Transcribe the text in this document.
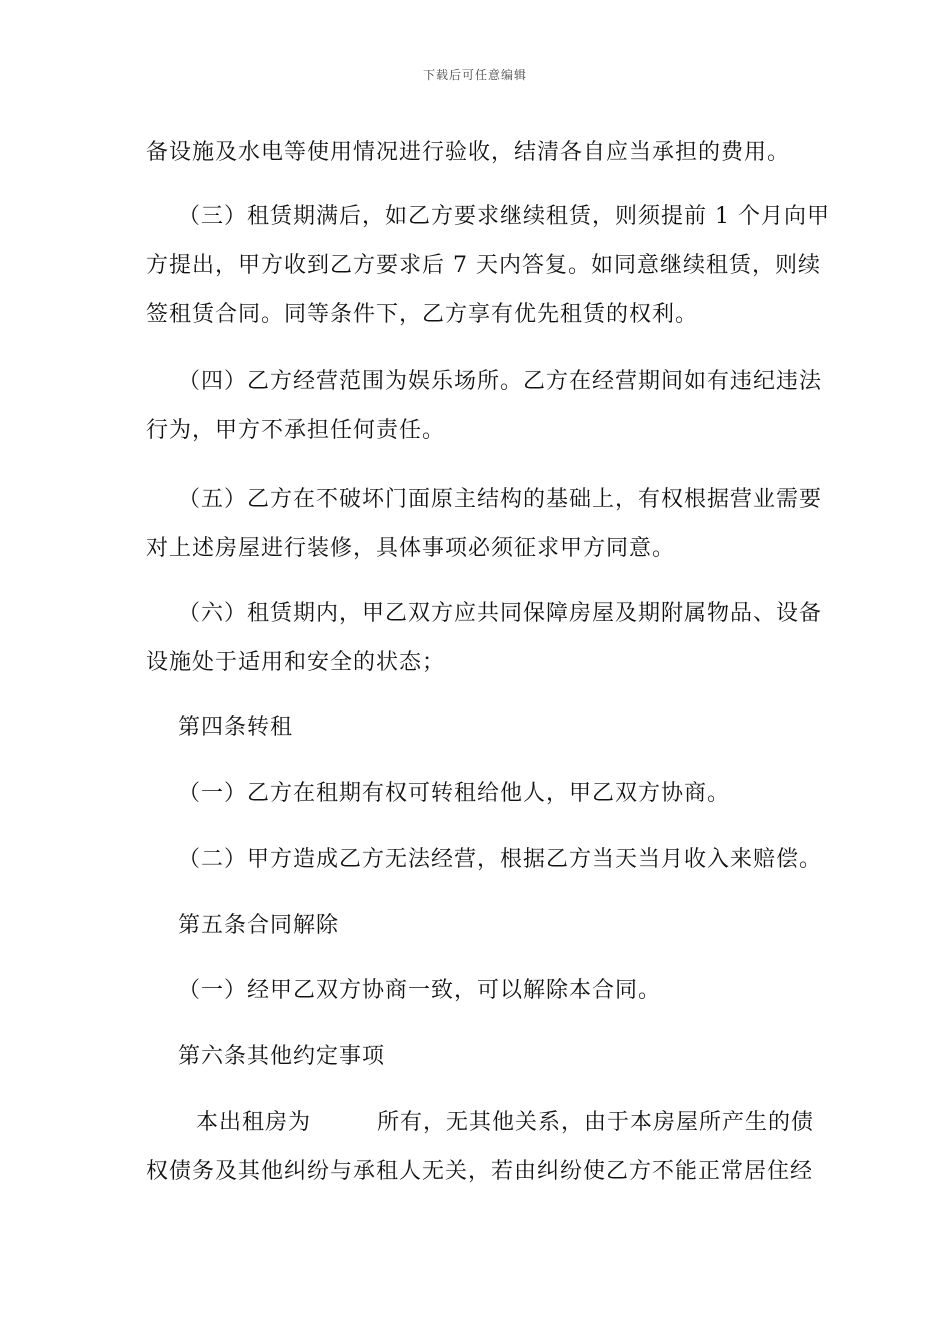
下载后可任意编辑
备设施及水电等使用情况进行验收，结清各自应当承担的费用。
（三）租赁期满后，如乙方要求继续租赁，则须提前 1 个月向甲
方提出，甲方收到乙方要求后 7 天内答复。如同意继续租赁，则续
签租赁合同。同等条件下，乙方享有优先租赁的权利。
（四）乙方经营范围为娱乐场所。乙方在经营期间如有违纪违法
行为，甲方不承担任何责任。
（五）乙方在不破坏门面原主结构的基础上，有权根据营业需要
对上述房屋进行装修，具体事项必须征求甲方同意。
（六）租赁期内，甲乙双方应共同保障房屋及期附属物品、设备
设施处于适用和安全的状态；
第四条转租
（一）乙方在租期有权可转租给他人，甲乙双方协商。
（二）甲方造成乙方无法经营，根据乙方当天当月收入来赔偿。
第五条合同解除
（一）经甲乙双方协商一致，可以解除本合同。
第六条其他约定事项
本出租房为	所有，无其他关系，由于本房屋所产生的债
权债务及其他纠纷与承租人无关，若由纠纷使乙方不能正常居住经
